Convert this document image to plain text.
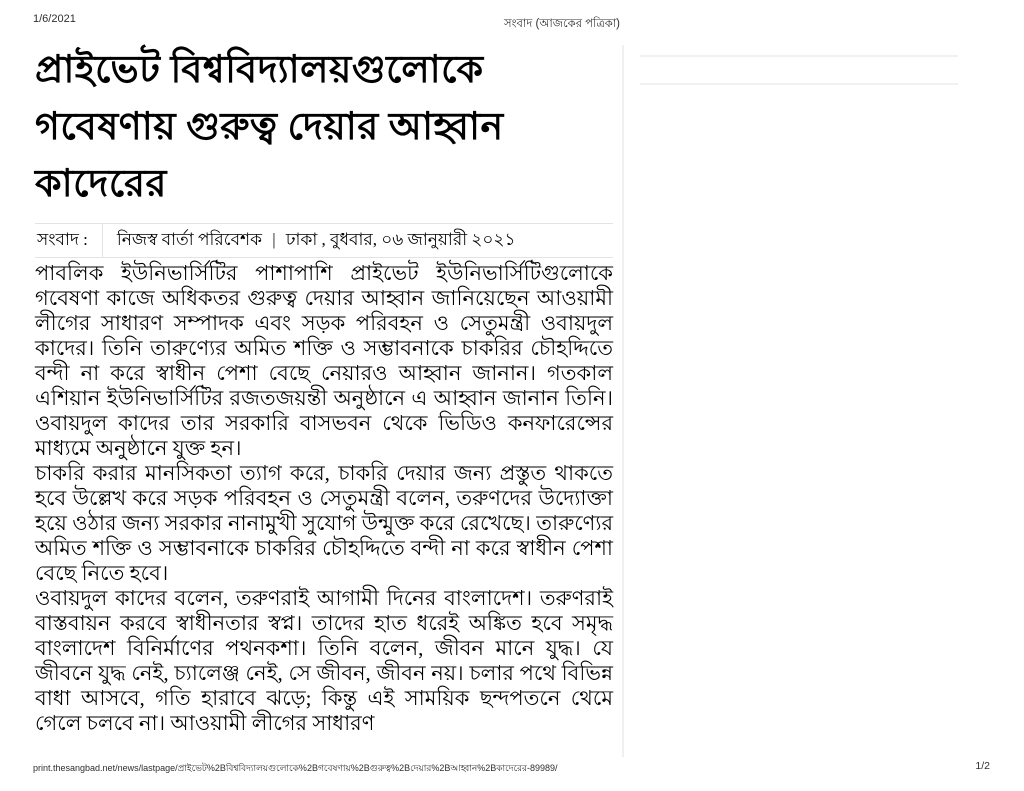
1/6/2021	সংবাদ (আজকের পত্রিকা)
প্রাইভেট বিশ্ববিদ্যালয়গুলোকে গবেষণায় গুরুত্ব দেয়ার আহ্বান কাদেরের
সংবাদ :	নিজস্ব বার্তা পরিবেশক | ঢাকা , বুধবার, ০৬ জানুয়ারী ২০২১

পাবলিক ইউনিভার্সিটির পাশাপাশি প্রাইভেট ইউনিভার্সিটিগুলোকে গবেষণা কাজে অধিকতর গুরুত্ব দেয়ার আহ্বান জানিয়েছেন আওয়ামী লীগের সাধারণ সম্পাদক এবং সড়ক পরিবহন ও সেতুমন্ত্রী ওবায়দুল কাদের। তিনি তারুণ্যের অমিত শক্তি ও সম্ভাবনাকে চাকরির চৌহদ্দিতে বন্দী না করে স্বাধীন পেশা বেছে নেয়ারও আহ্বান জানান। গতকাল এশিয়ান ইউনিভার্সিটির রজতজয়ন্তী অনুষ্ঠানে এ আহ্বান জানান তিনি। ওবায়দুল কাদের তার সরকারি বাসভবন থেকে ভিডিও কনফারেন্সের মাধ্যমে অনুষ্ঠানে যুক্ত হন।

চাকরি করার মানসিকতা ত্যাগ করে, চাকরি দেয়ার জন্য প্রস্তুত থাকতে হবে উল্লেখ করে সড়ক পরিবহন ও সেতুমন্ত্রী বলেন, তরুণদের উদ্যোক্তা হয়ে ওঠার জন্য সরকার নানামুখী সুযোগ উন্মুক্ত করে রেখেছে। তারুণ্যের অমিত শক্তি ও সম্ভাবনাকে চাকরির চৌহদ্দিতে বন্দী না করে স্বাধীন পেশা বেছে নিতে হবে।

ওবায়দুল কাদের বলেন, তরুণরাই আগামী দিনের বাংলাদেশ। তরুণরাই বাস্তবায়ন করবে স্বাধীনতার স্বপ্ন। তাদের হাত ধরেই অঙ্কিত হবে সমৃদ্ধ বাংলাদেশ বিনির্মাণের পথনকশা। তিনি বলেন, জীবন মানে যুদ্ধ। যে জীবনে যুদ্ধ নেই, চ্যালেঞ্জ নেই, সে জীবন, জীবন নয়। চলার পথে বিভিন্ন বাধা আসবে, গতি হারাবে ঝড়ে; কিন্তু এই সাময়িক ছন্দপতনে থেমে গেলে চলবে না। আওয়ামী লীগের সাধারণ

print.thesangbad.net/news/lastpage/প্রাইভেট%2Bবিশ্ববিদ্যালয়গুলোকে%2Bগবেষণায়%2Bগুরুত্ব%2Bদেয়ার%2Bআহ্বান%2Bকাদেরের-89989/	1/2
